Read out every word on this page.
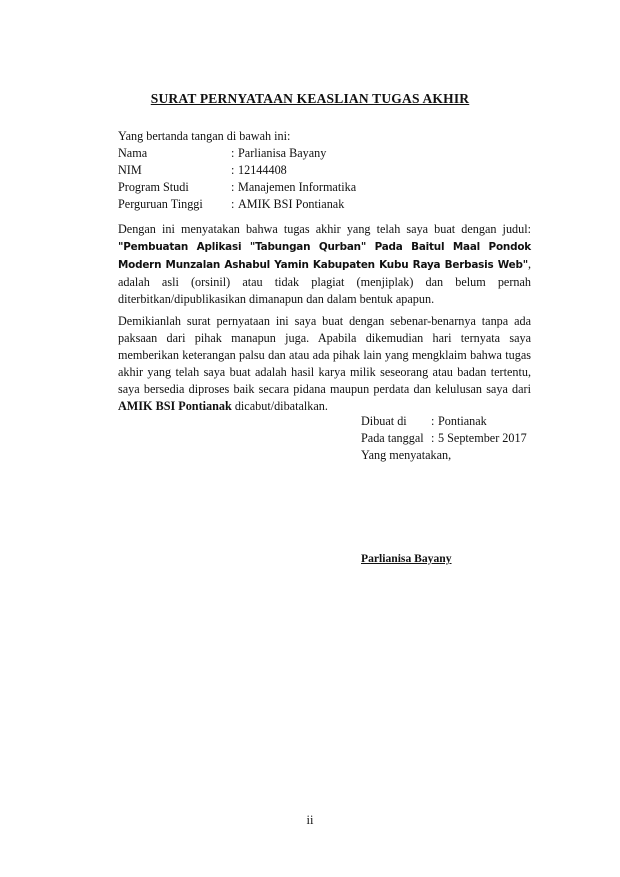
SURAT PERNYATAAN KEASLIAN TUGAS AKHIR
Yang bertanda tangan di bawah ini:
Nama	:	Parlianisa Bayany
NIM	:	12144408
Program Studi	:	Manajemen Informatika
Perguruan Tinggi	:	AMIK BSI Pontianak
Dengan ini menyatakan bahwa tugas akhir yang telah saya buat dengan judul: "Pembuatan Aplikasi "Tabungan Qurban" Pada Baitul Maal Pondok Modern Munzalan Ashabul Yamin Kabupaten Kubu Raya Berbasis Web", adalah asli (orsinil) atau tidak plagiat (menjiplak) dan belum pernah diterbitkan/dipublikasikan dimanapun dan dalam bentuk apapun.
Demikianlah surat pernyataan ini saya buat dengan sebenar-benarnya tanpa ada paksaan dari pihak manapun juga. Apabila dikemudian hari ternyata saya memberikan keterangan palsu dan atau ada pihak lain yang mengklaim bahwa tugas akhir yang telah saya buat adalah hasil karya milik seseorang atau badan tertentu, saya bersedia diproses baik secara pidana maupun perdata dan kelulusan saya dari AMIK BSI Pontianak dicabut/dibatalkan.
Dibuat di	:	Pontianak
Pada tanggal	:	5 September 2017
Yang menyatakan,		
Parlianisa Bayany
ii
